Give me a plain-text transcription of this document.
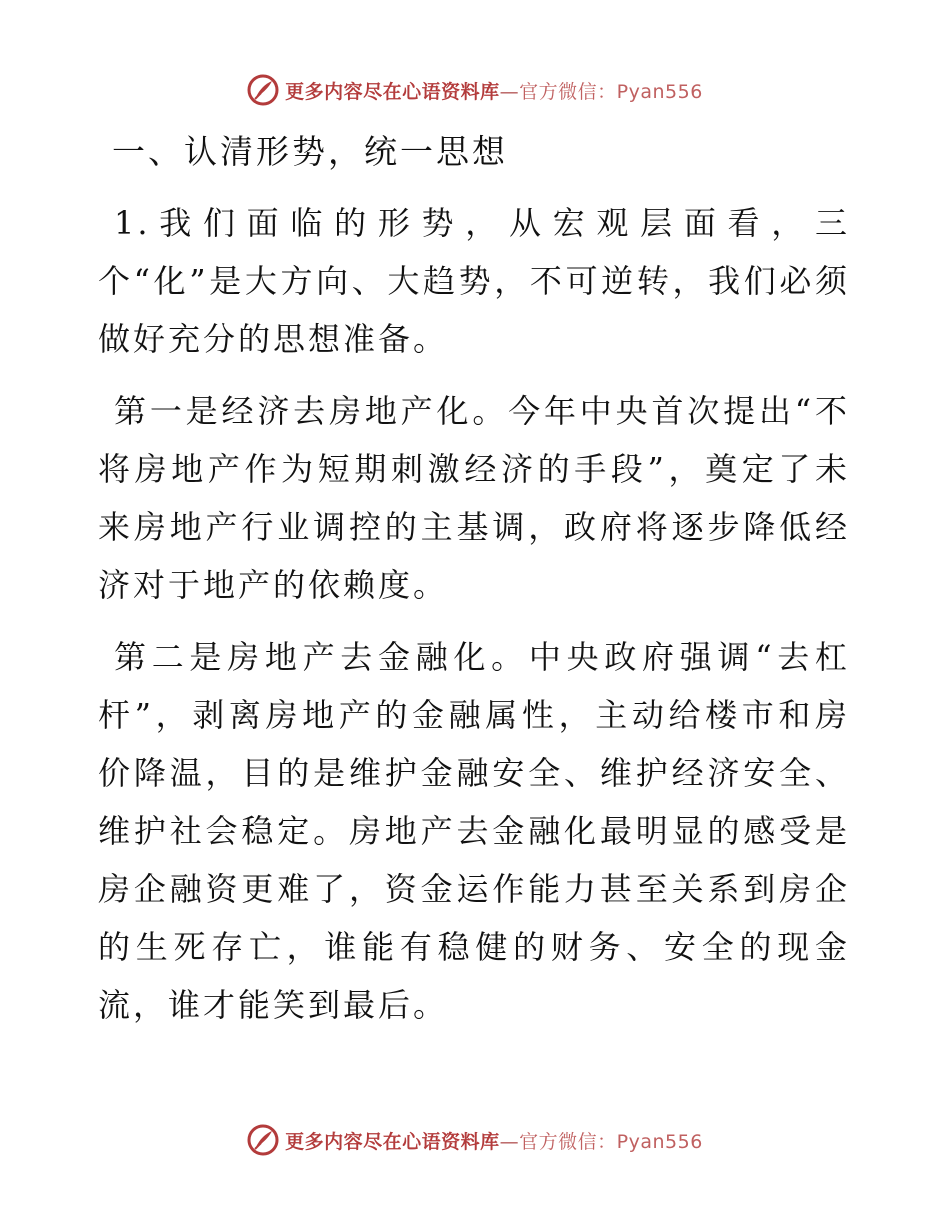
更多内容尽在心语资料库—官方微信：Pyan556
一、认清形势，统一思想

1.我们面临的形势，从宏观层面看，三个“化”是大方向、大趋势，不可逆转，我们必须做好充分的思想准备。

第一是经济去房地产化。今年中央首次提出“不将房地产作为短期刺激经济的手段”，奠定了未来房地产行业调控的主基调，政府将逐步降低经济对于地产的依赖度。

第二是房地产去金融化。中央政府强调“去杠杆”，剥离房地产的金融属性，主动给楼市和房价降温，目的是维护金融安全、维护经济安全、维护社会稳定。房地产去金融化最明显的感受是房企融资更难了，资金运作能力甚至关系到房企的生死存亡，谁能有稳健的财务、安全的现金流，谁才能笑到最后。

更多内容尽在心语资料库—官方微信：Pyan556
